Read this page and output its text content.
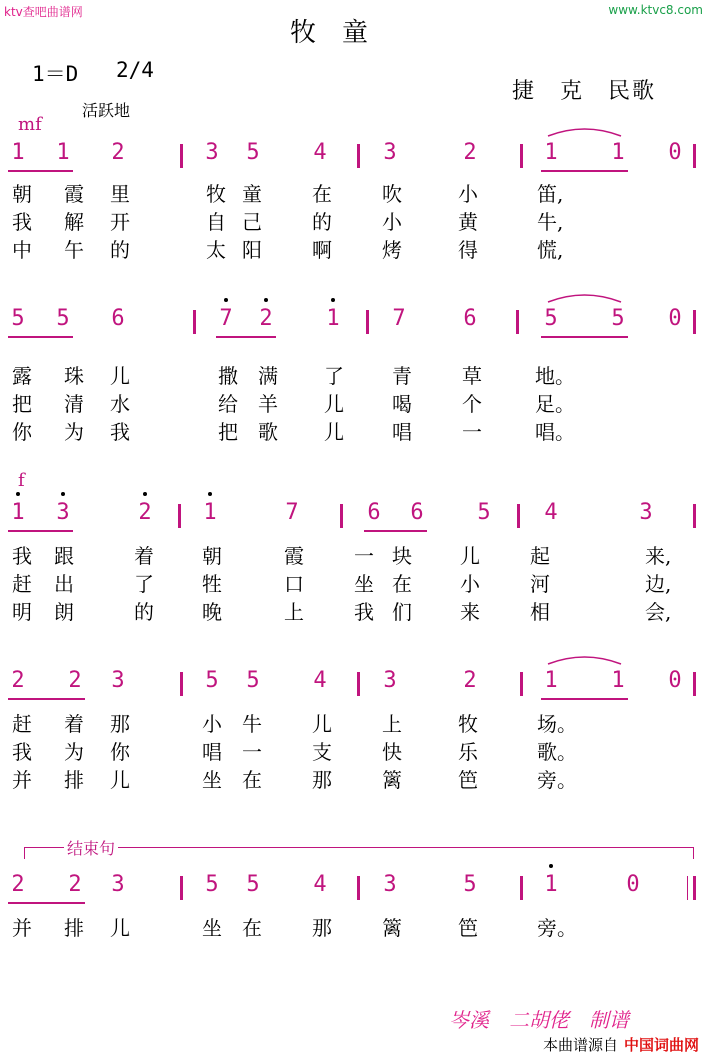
ktv查吧曲谱网	www.ktvc8.com
牧　童
1＝D 2/4
捷　克　民歌
活跃地
mf
f
结束句
1 1 2	3 5 4	3	2	1 1 0
朝 霞 里	牧 童	在	吹	小	笛,
我 解 开	自 己	的	小	黄	牛,
中 午 的	太 阳	啊	烤	得	慌,
5 5 6	7 2 1 7	6	5 5 0
露 珠 儿	撒 满 了 青	草	地。
把 清 水	给 羊 儿 喝	个	足。
你 为 我	把 歌 儿 唱	一	唱。
1 3	2 1	7	6 6 5 4	3
我 跟	着 朝	霞	一 块 儿	起	来,
赶 出	了 牲	口	坐 在 小	河	边,
明 朗	的 晚	上	我 们 来	相	会,
2 2 3	5 5 4	3	2	1 1 0
赶 着 那	小 牛	儿	上	牧	场。
我 为 你	唱 一	支	快	乐	歌。
并 排 儿	坐 在	那	篱	笆	旁。
2 2 3	5 5 4	3	5	1	0
并 排 儿	坐 在	那	篱	笆	旁。
岑溪　二胡佬　制谱
本曲谱源自 中国词曲网
